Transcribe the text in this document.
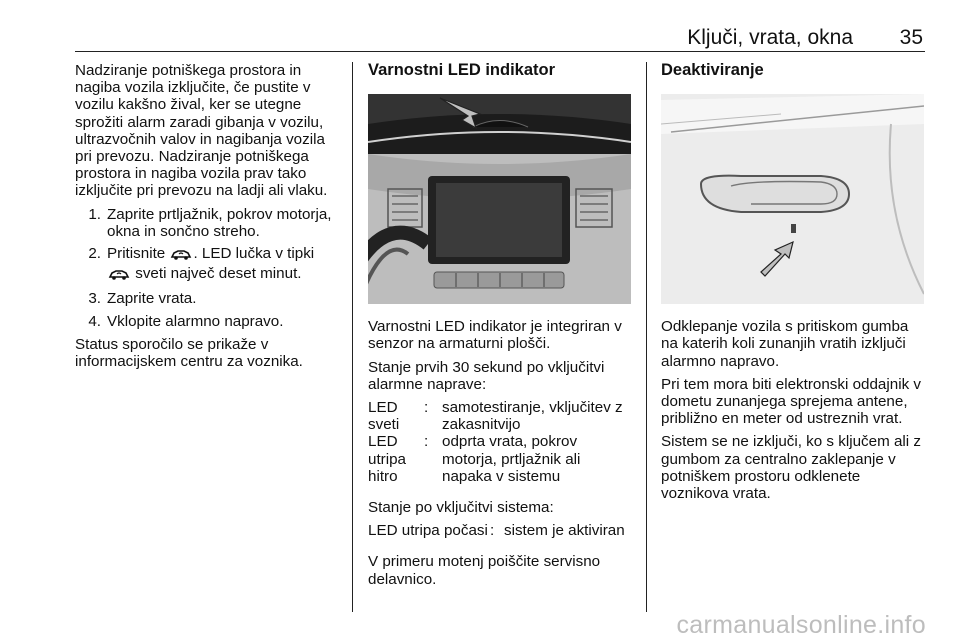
Ključi, vrata, okna 35

Nadziranje potniškega prostora in nagiba vozila izključite, če pustite v vozilu kakšno žival, ker se utegne sprožiti alarm zaradi gibanja v vozilu, ultrazvočnih valov in nagibanja vozila pri prevozu. Nadziranje potniškega prostora in nagiba vozila prav tako izključite pri prevozu na ladji ali vlaku.

1. Zaprite prtljažnik, pokrov motorja, okna in sončno streho.
2. Pritisnite . LED lučka v tipki
sveti največ deset minut.
3. Zaprite vrata.
4. Vklopite alarmno napravo.

Status sporočilo se prikaže v informacijskem centru za voznika.

Varnostni LED indikator

Varnostni LED indikator je integriran v senzor na armaturni plošči.

Stanje prvih 30 sekund po vključitvi alarmne naprave:

LED sveti	:	samotestiranje, vključitev z zakasnitvijo
LED utripa hitro	:	odprta vrata, pokrov motorja, prtljažnik ali napaka v sistemu

Stanje po vključitvi sistema:

LED utripa počasi	:	sistem je aktiviran

V primeru motenj poiščite servisno delavnico.

Deaktiviranje

Odklepanje vozila s pritiskom gumba na katerih koli zunanjih vratih izključi alarmno napravo.

Pri tem mora biti elektronski oddajnik v dometu zunanjega sprejema antene, približno en meter od ustreznih vrat.

Sistem se ne izključi, ko s ključem ali z gumbom za centralno zaklepanje v potniškem prostoru odklenete voznikova vrata.

carmanualsonline.info
